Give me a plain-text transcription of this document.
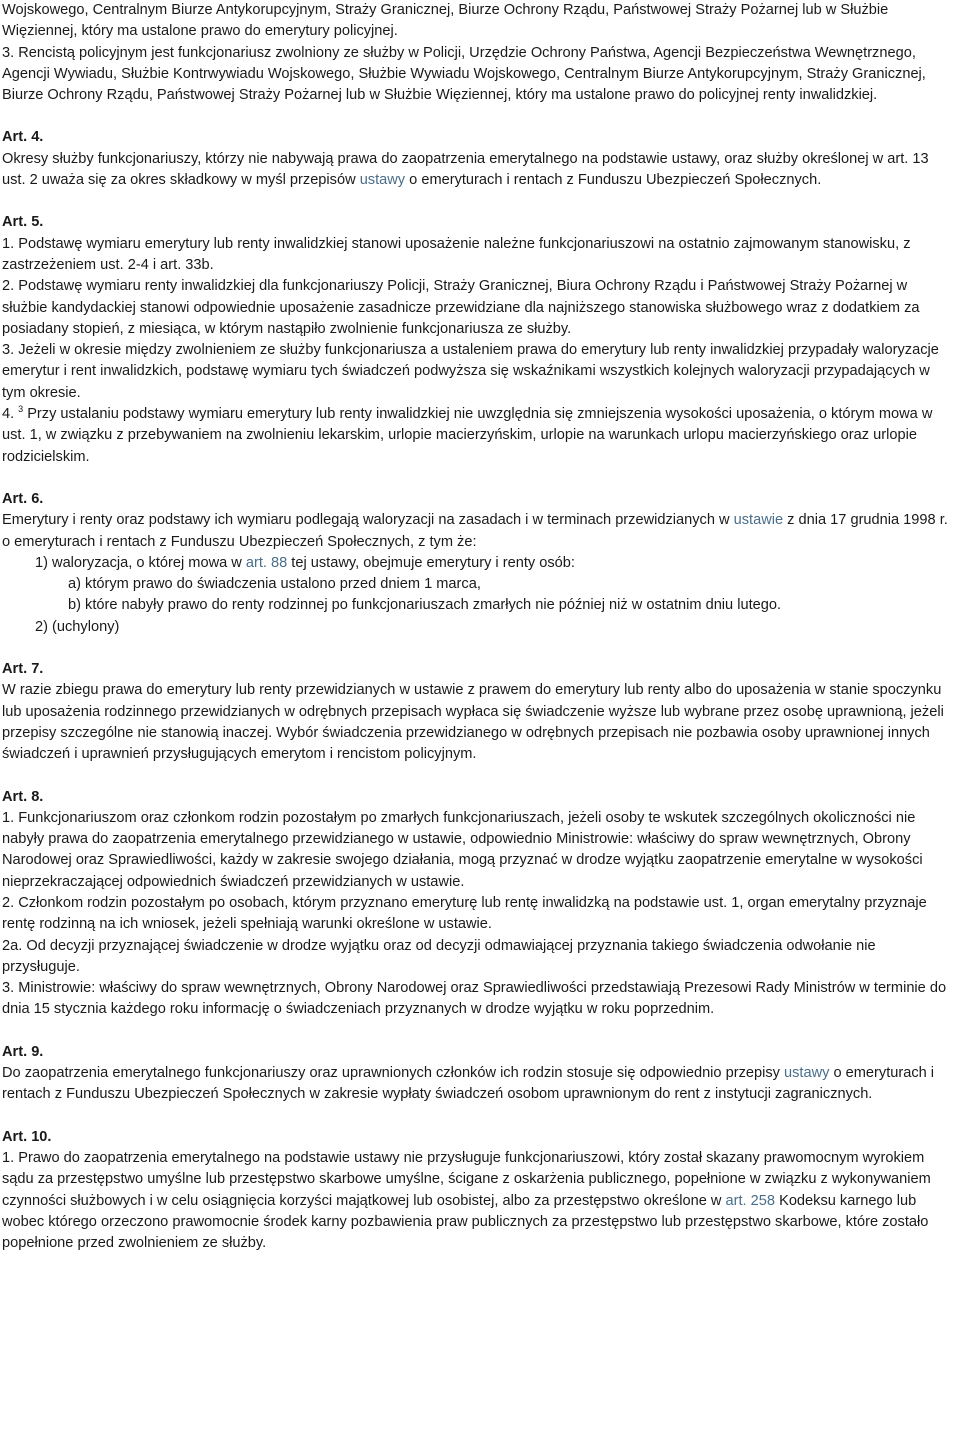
Wojskowego, Centralnym Biurze Antykorupcyjnym, Straży Granicznej, Biurze Ochrony Rządu, Państwowej Straży Pożarnej lub w Służbie Więziennej, który ma ustalone prawo do emerytury policyjnej.

3. Rencistą policyjnym jest funkcjonariusz zwolniony ze służby w Policji, Urzędzie Ochrony Państwa, Agencji Bezpieczeństwa Wewnętrznego, Agencji Wywiadu, Służbie Kontrwywiadu Wojskowego, Służbie Wywiadu Wojskowego, Centralnym Biurze Antykorupcyjnym, Straży Granicznej, Biurze Ochrony Rządu, Państwowej Straży Pożarnej lub w Służbie Więziennej, który ma ustalone prawo do policyjnej renty inwalidzkiej.

Art. 4.

Okresy służby funkcjonariuszy, którzy nie nabywają prawa do zaopatrzenia emerytalnego na podstawie ustawy, oraz służby określonej w art. 13 ust. 2 uważa się za okres składkowy w myśl przepisów ustawy o emeryturach i rentach z Funduszu Ubezpieczeń Społecznych.

Art. 5.

1. Podstawę wymiaru emerytury lub renty inwalidzkiej stanowi uposażenie należne funkcjonariuszowi na ostatnio zajmowanym stanowisku, z zastrzeżeniem ust. 2-4 i art. 33b.

2. Podstawę wymiaru renty inwalidzkiej dla funkcjonariuszy Policji, Straży Granicznej, Biura Ochrony Rządu i Państwowej Straży Pożarnej w służbie kandydackiej stanowi odpowiednie uposażenie zasadnicze przewidziane dla najniższego stanowiska służbowego wraz z dodatkiem za posiadany stopień, z miesiąca, w którym nastąpiło zwolnienie funkcjonariusza ze służby.

3. Jeżeli w okresie między zwolnieniem ze służby funkcjonariusza a ustaleniem prawa do emerytury lub renty inwalidzkiej przypadały waloryzacje emerytur i rent inwalidzkich, podstawę wymiaru tych świadczeń podwyższa się wskaźnikami wszystkich kolejnych waloryzacji przypadających w tym okresie.

4. $^3$ Przy ustalaniu podstawy wymiaru emerytury lub renty inwalidzkiej nie uwzględnia się zmniejszenia wysokości uposażenia, o którym mowa w ust. 1, w związku z przebywaniem na zwolnieniu lekarskim, urlopie macierzyńskim, urlopie na warunkach urlopu macierzyńskiego oraz urlopie rodzicielskim.

Art. 6.

Emerytury i renty oraz podstawy ich wymiaru podlegają waloryzacji na zasadach i w terminach przewidzianych w ustawie z dnia 17 grudnia 1998 r. o emeryturach i rentach z Funduszu Ubezpieczeń Społecznych, z tym że:

1) waloryzacja, o której mowa w art. 88 tej ustawy, obejmuje emerytury i renty osób:

a) którym prawo do świadczenia ustalono przed dniem 1 marca,

b) które nabyły prawo do renty rodzinnej po funkcjonariuszach zmarłych nie później niż w ostatnim dniu lutego.

2) (uchylony)

Art. 7.

W razie zbiegu prawa do emerytury lub renty przewidzianych w ustawie z prawem do emerytury lub renty albo do uposażenia w stanie spoczynku lub uposażenia rodzinnego przewidzianych w odrębnych przepisach wypłaca się świadczenie wyższe lub wybrane przez osobę uprawnioną, jeżeli przepisy szczególne nie stanowią inaczej. Wybór świadczenia przewidzianego w odrębnych przepisach nie pozbawia osoby uprawnionej innych świadczeń i uprawnień przysługujących emerytom i rencistom policyjnym.

Art. 8.

1. Funkcjonariuszom oraz członkom rodzin pozostałym po zmarłych funkcjonariuszach, jeżeli osoby te wskutek szczególnych okoliczności nie nabyły prawa do zaopatrzenia emerytalnego przewidzianego w ustawie, odpowiednio Ministrowie: właściwy do spraw wewnętrznych, Obrony Narodowej oraz Sprawiedliwości, każdy w zakresie swojego działania, mogą przyznać w drodze wyjątku zaopatrzenie emerytalne w wysokości nieprzekraczającej odpowiednich świadczeń przewidzianych w ustawie.

2. Członkom rodzin pozostałym po osobach, którym przyznano emeryturę lub rentę inwalidzką na podstawie ust. 1, organ emerytalny przyznaje rentę rodzinną na ich wniosek, jeżeli spełniają warunki określone w ustawie.

2a. Od decyzji przyznającej świadczenie w drodze wyjątku oraz od decyzji odmawiającej przyznania takiego świadczenia odwołanie nie przysługuje.

3. Ministrowie: właściwy do spraw wewnętrznych, Obrony Narodowej oraz Sprawiedliwości przedstawiają Prezesowi Rady Ministrów w terminie do dnia 15 stycznia każdego roku informację o świadczeniach przyznanych w drodze wyjątku w roku poprzednim.

Art. 9.

Do zaopatrzenia emerytalnego funkcjonariuszy oraz uprawnionych członków ich rodzin stosuje się odpowiednio przepisy ustawy o emeryturach i rentach z Funduszu Ubezpieczeń Społecznych w zakresie wypłaty świadczeń osobom uprawnionym do rent z instytucji zagranicznych.

Art. 10.

1. Prawo do zaopatrzenia emerytalnego na podstawie ustawy nie przysługuje funkcjonariuszowi, który został skazany prawomocnym wyrokiem sądu za przestępstwo umyślne lub przestępstwo skarbowe umyślne, ścigane z oskarżenia publicznego, popełnione w związku z wykonywaniem czynności służbowych i w celu osiągnięcia korzyści majątkowej lub osobistej, albo za przestępstwo określone w art. 258 Kodeksu karnego lub wobec którego orzeczono prawomocnie środek karny pozbawienia praw publicznych za przestępstwo lub przestępstwo skarbowe, które zostało popełnione przed zwolnieniem ze służby.
